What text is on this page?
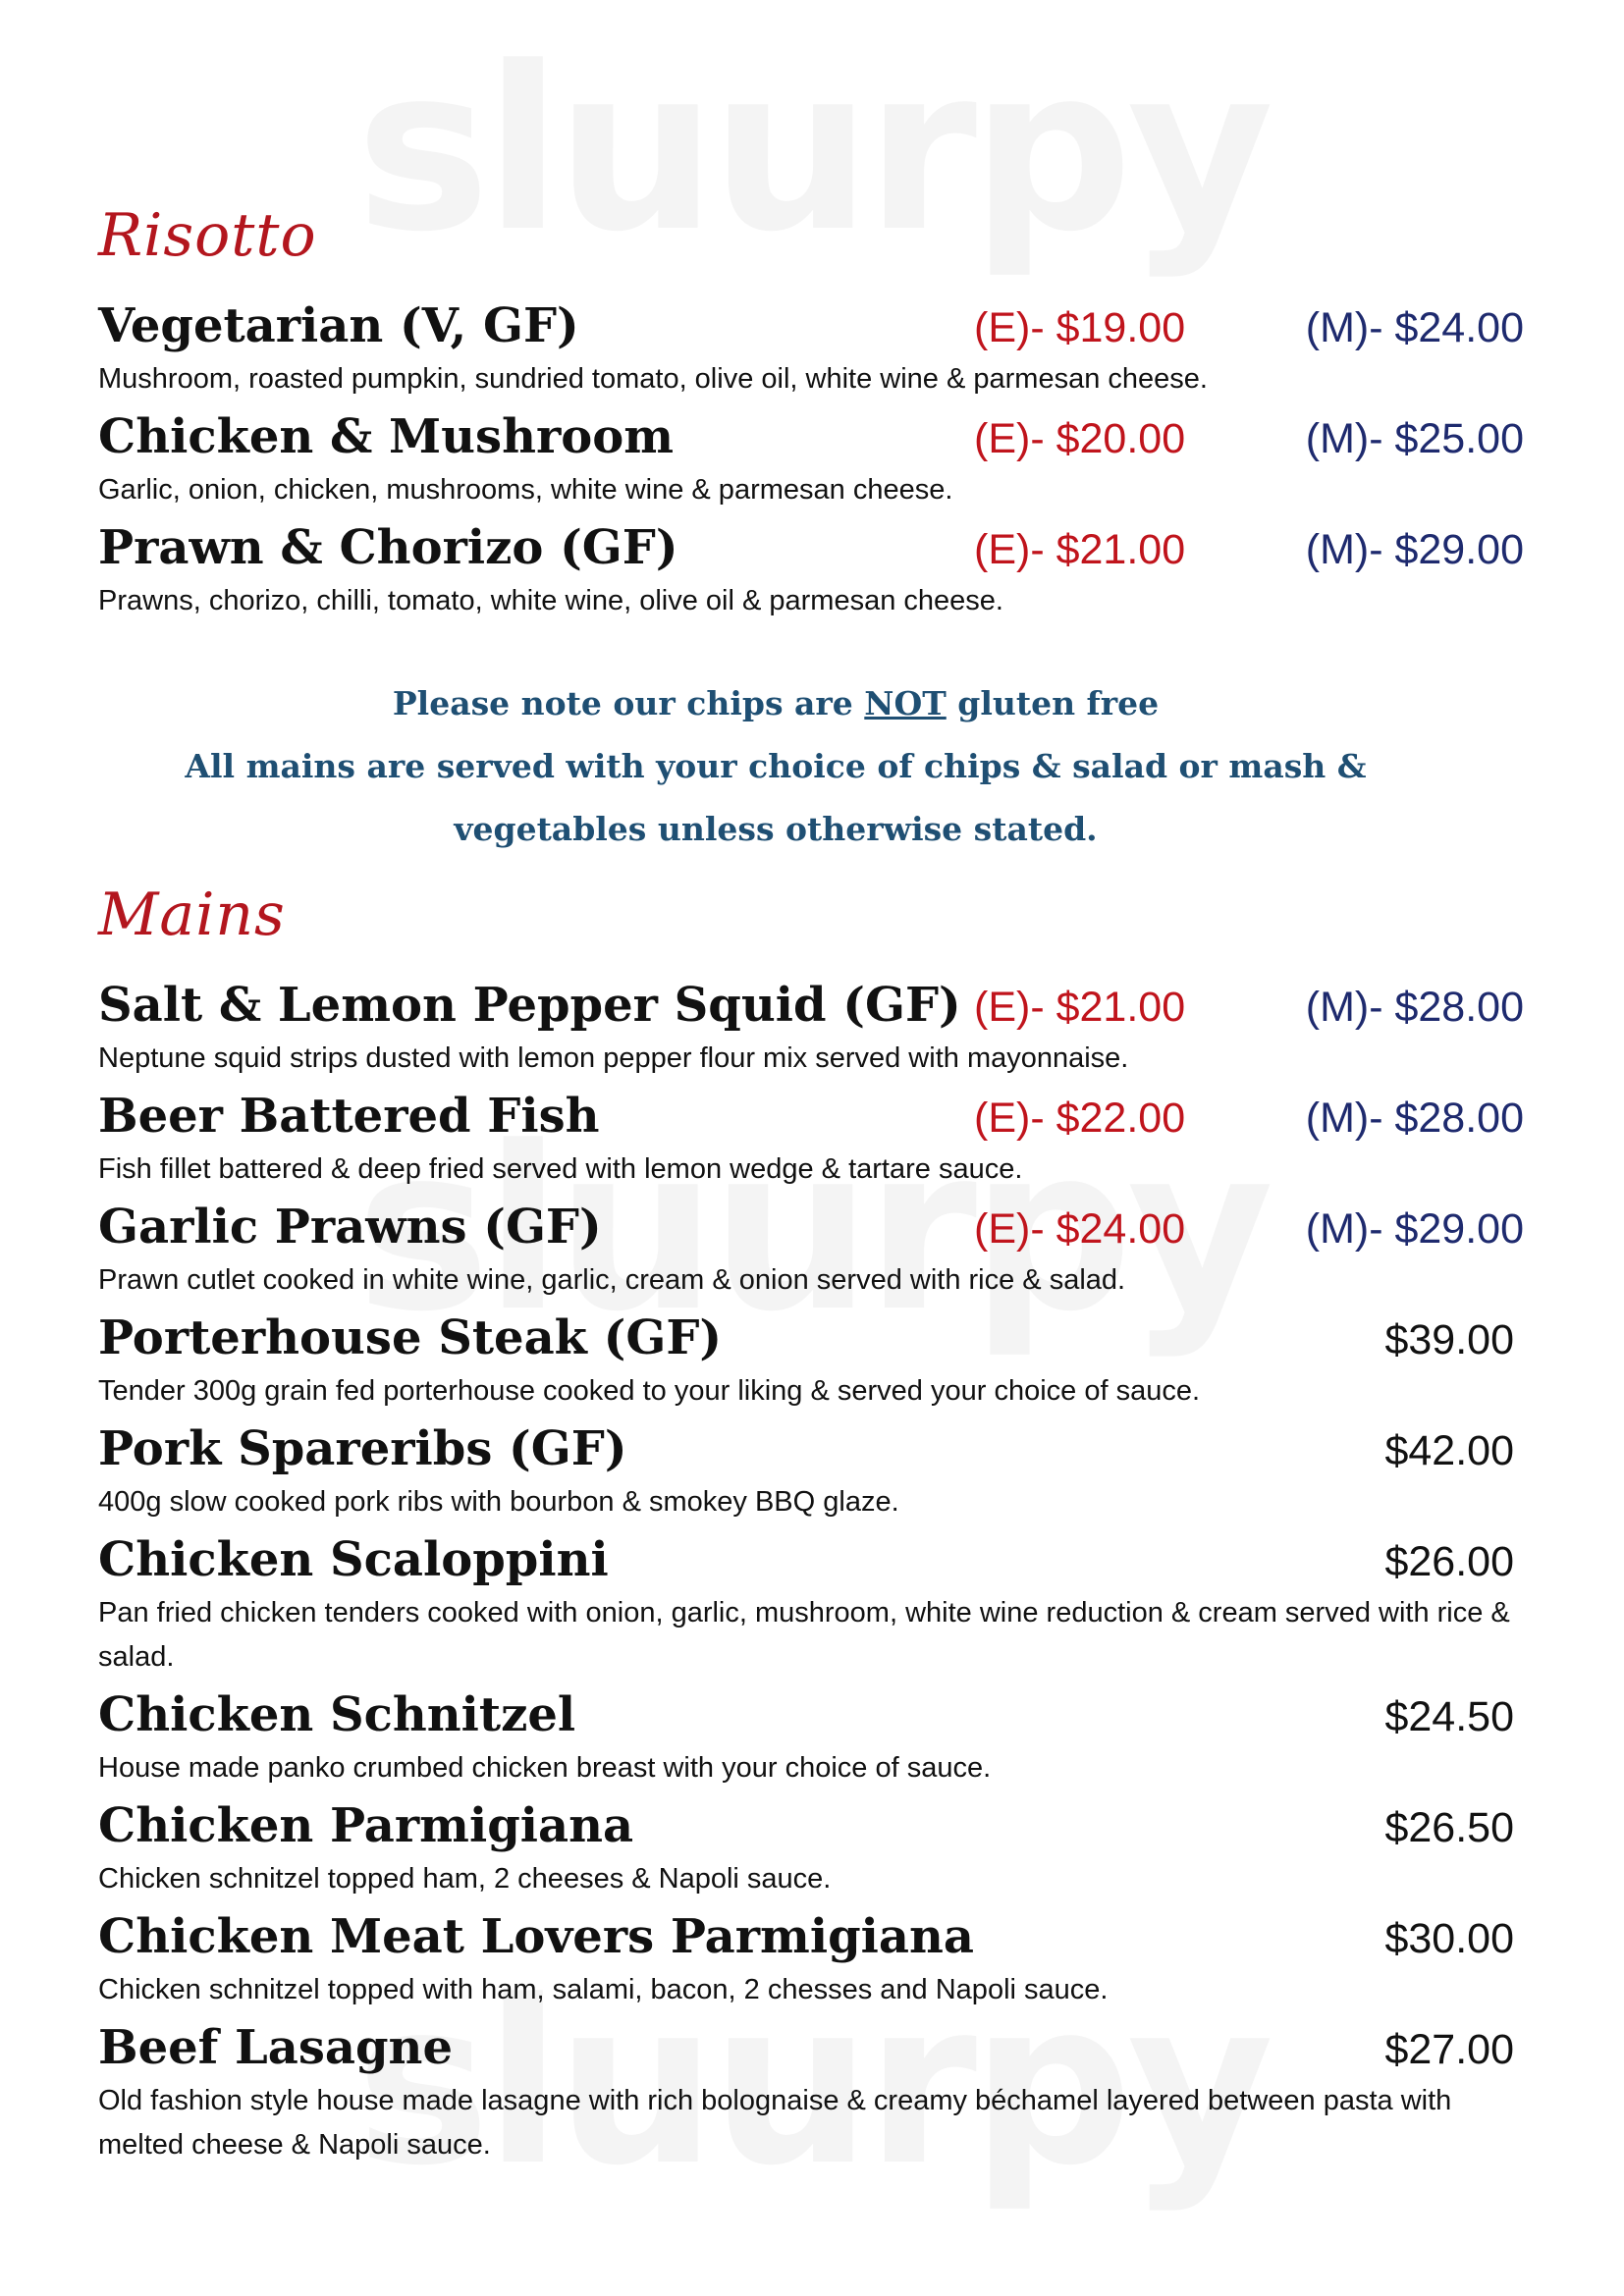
Risotto
Vegetarian (V, GF)	(E)- $19.00	(M)- $24.00
Mushroom, roasted pumpkin, sundried tomato, olive oil, white wine & parmesan cheese.
Chicken & Mushroom	(E)- $20.00	(M)- $25.00
Garlic, onion, chicken, mushrooms, white wine & parmesan cheese.
Prawn & Chorizo (GF)	(E)- $21.00	(M)- $29.00
Prawns, chorizo, chilli, tomato, white wine, olive oil & parmesan cheese.
Please note our chips are NOT gluten free
All mains are served with your choice of chips & salad or mash & vegetables unless otherwise stated.
Mains
Salt & Lemon Pepper Squid (GF) (E)- $21.00	(M)- $28.00
Neptune squid strips dusted with lemon pepper flour mix served with mayonnaise.
Beer Battered Fish	(E)- $22.00	(M)- $28.00
Fish fillet battered & deep fried served with lemon wedge & tartare sauce.
Garlic Prawns (GF)	(E)- $24.00	(M)- $29.00
Prawn cutlet cooked in white wine, garlic, cream & onion served with rice & salad.
Porterhouse Steak (GF)	$39.00
Tender 300g grain fed porterhouse cooked to your liking & served your choice of sauce.
Pork Spareribs (GF)	$42.00
400g slow cooked pork ribs with bourbon & smokey BBQ glaze.
Chicken Scaloppini	$26.00
Pan fried chicken tenders cooked with onion, garlic, mushroom, white wine reduction & cream served with rice & salad.
Chicken Schnitzel	$24.50
House made panko crumbed chicken breast with your choice of sauce.
Chicken Parmigiana	$26.50
Chicken schnitzel topped ham, 2 cheeses & Napoli sauce.
Chicken Meat Lovers Parmigiana	$30.00
Chicken schnitzel topped with ham, salami, bacon, 2 chesses and Napoli sauce.
Beef Lasagne	$27.00
Old fashion style house made lasagne with rich bolognaise & creamy béchamel layered between pasta with melted cheese & Napoli sauce.
